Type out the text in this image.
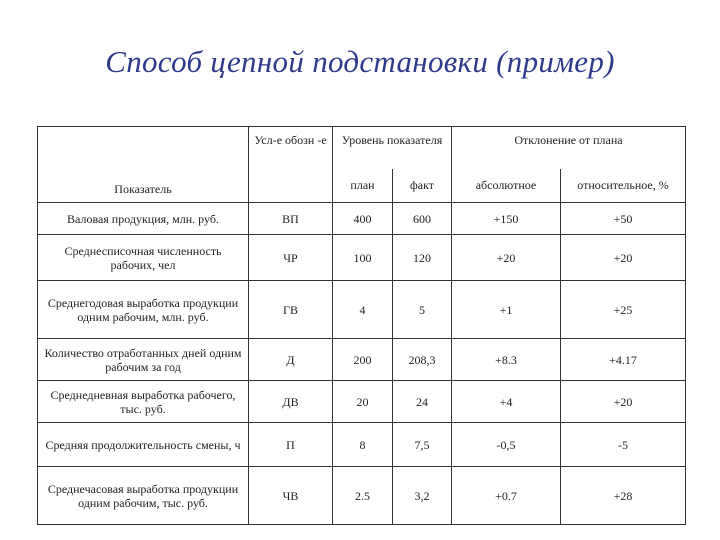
Способ цепной подстановки (пример)
Показатель	Усл-е обозн -е	Уровень показателя		Отклонение от плана	
		план	факт	абсолютное	относительное, %
Валовая продукция, млн. руб.	ВП	400	600	+150	+50
Среднесписочная численность рабочих, чел	ЧР	100	120	+20	+20
Среднегодовая выработка продукции одним рабочим, млн. руб.	ГВ	4	5	+1	+25
Количество отработанных дней одним рабочим за год	Д	200	208,3	+8.3	+4.17
Среднедневная выработка рабочего, тыс. руб.	ДВ	20	24	+4	+20
Средняя продолжительность смены, ч	П	8	7,5	-0,5	-5
Среднечасовая выработка продукции одним рабочим, тыс. руб.	ЧВ	2.5	3,2	+0.7	+28
